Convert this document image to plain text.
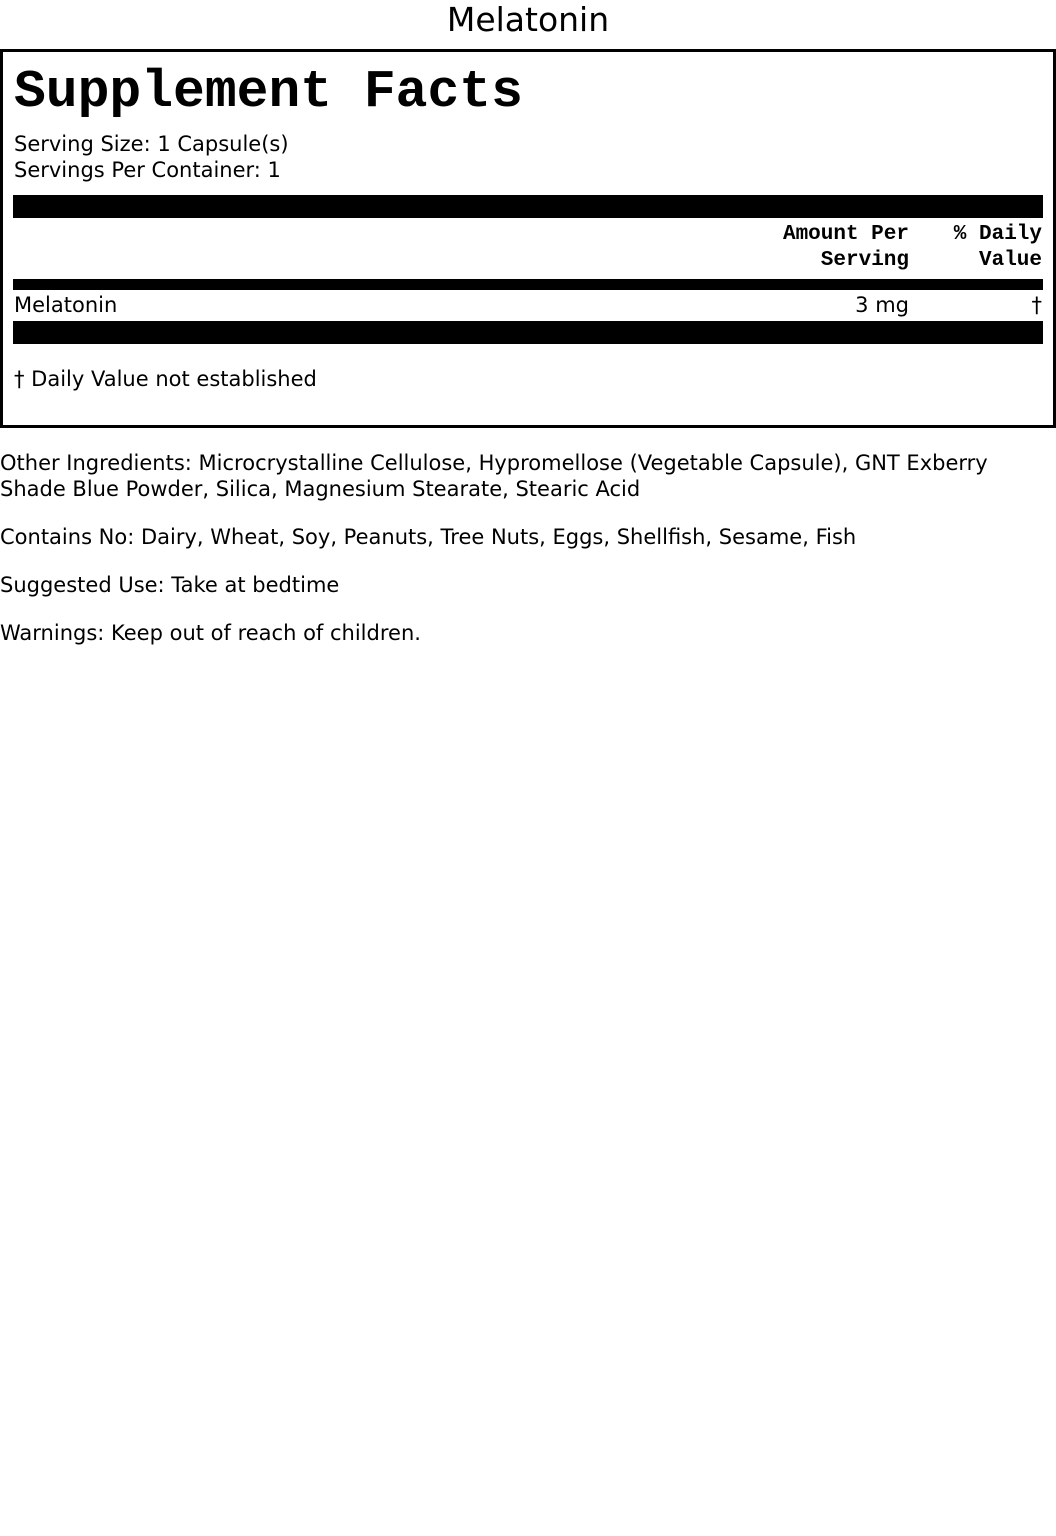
Melatonin
Supplement Facts
Serving Size: 1 Capsule(s)
Servings Per Container: 1
Amount Per
Serving
% Daily
Value
Melatonin	3 mg	†
† Daily Value not established
Other Ingredients: Microcrystalline Cellulose, Hypromellose (Vegetable Capsule), GNT Exberry Shade Blue Powder, Silica, Magnesium Stearate, Stearic Acid
Contains No: Dairy, Wheat, Soy, Peanuts, Tree Nuts, Eggs, Shellfish, Sesame, Fish
Suggested Use: Take at bedtime
Warnings: Keep out of reach of children.
